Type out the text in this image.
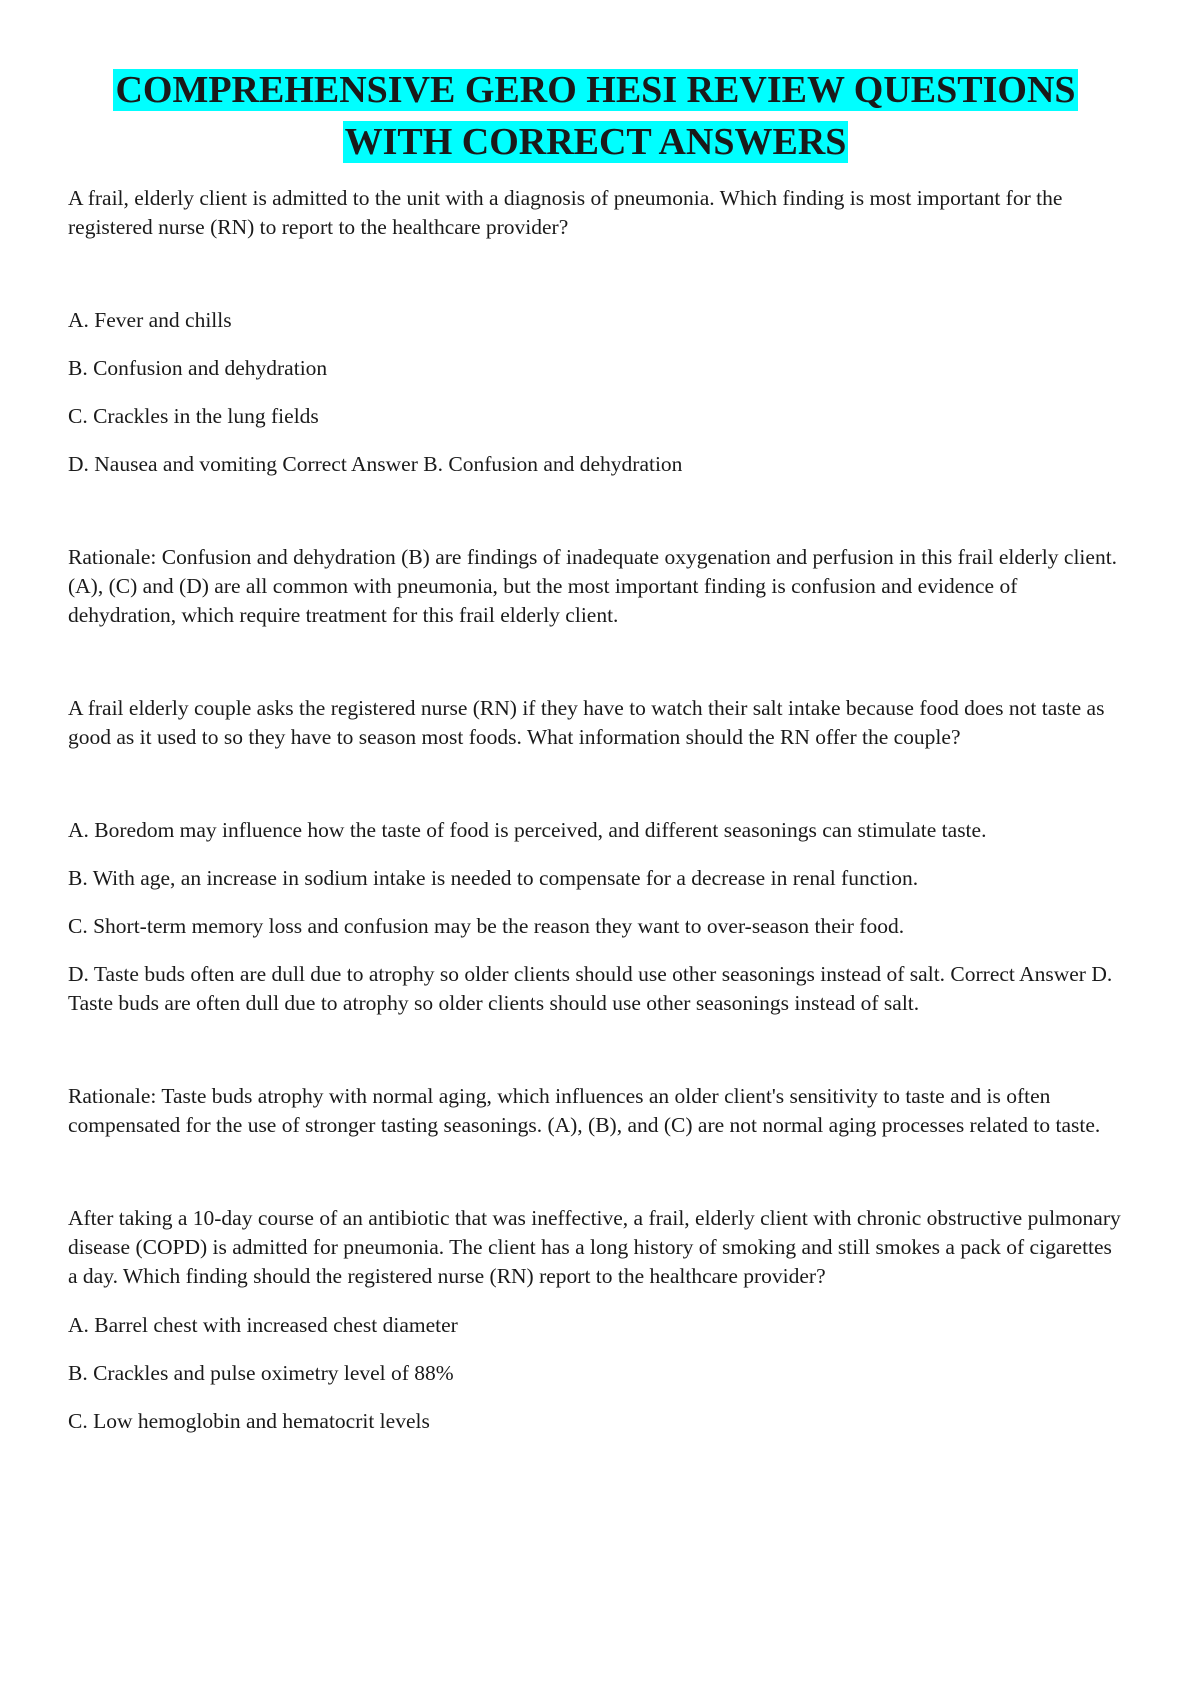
COMPREHENSIVE GERO HESI REVIEW QUESTIONS
WITH CORRECT ANSWERS

A frail, elderly client is admitted to the unit with a diagnosis of pneumonia. Which finding is most important for the registered nurse (RN) to report to the healthcare provider?

A. Fever and chills

B. Confusion and dehydration

C. Crackles in the lung fields

D. Nausea and vomiting Correct Answer B. Confusion and dehydration

Rationale: Confusion and dehydration (B) are findings of inadequate oxygenation and perfusion in this frail elderly client. (A), (C) and (D) are all common with pneumonia, but the most important finding is confusion and evidence of dehydration, which require treatment for this frail elderly client.

A frail elderly couple asks the registered nurse (RN) if they have to watch their salt intake because food does not taste as good as it used to so they have to season most foods. What information should the RN offer the couple?

A. Boredom may influence how the taste of food is perceived, and different seasonings can stimulate taste.

B. With age, an increase in sodium intake is needed to compensate for a decrease in renal function.

C. Short-term memory loss and confusion may be the reason they want to over-season their food.

D. Taste buds often are dull due to atrophy so older clients should use other seasonings instead of salt. Correct Answer D. Taste buds are often dull due to atrophy so older clients should use other seasonings instead of salt.

Rationale: Taste buds atrophy with normal aging, which influences an older client's sensitivity to taste and is often compensated for the use of stronger tasting seasonings. (A), (B), and (C) are not normal aging processes related to taste.

After taking a 10-day course of an antibiotic that was ineffective, a frail, elderly client with chronic obstructive pulmonary disease (COPD) is admitted for pneumonia. The client has a long history of smoking and still smokes a pack of cigarettes a day. Which finding should the registered nurse (RN) report to the healthcare provider?

A. Barrel chest with increased chest diameter

B. Crackles and pulse oximetry level of 88%

C. Low hemoglobin and hematocrit levels
